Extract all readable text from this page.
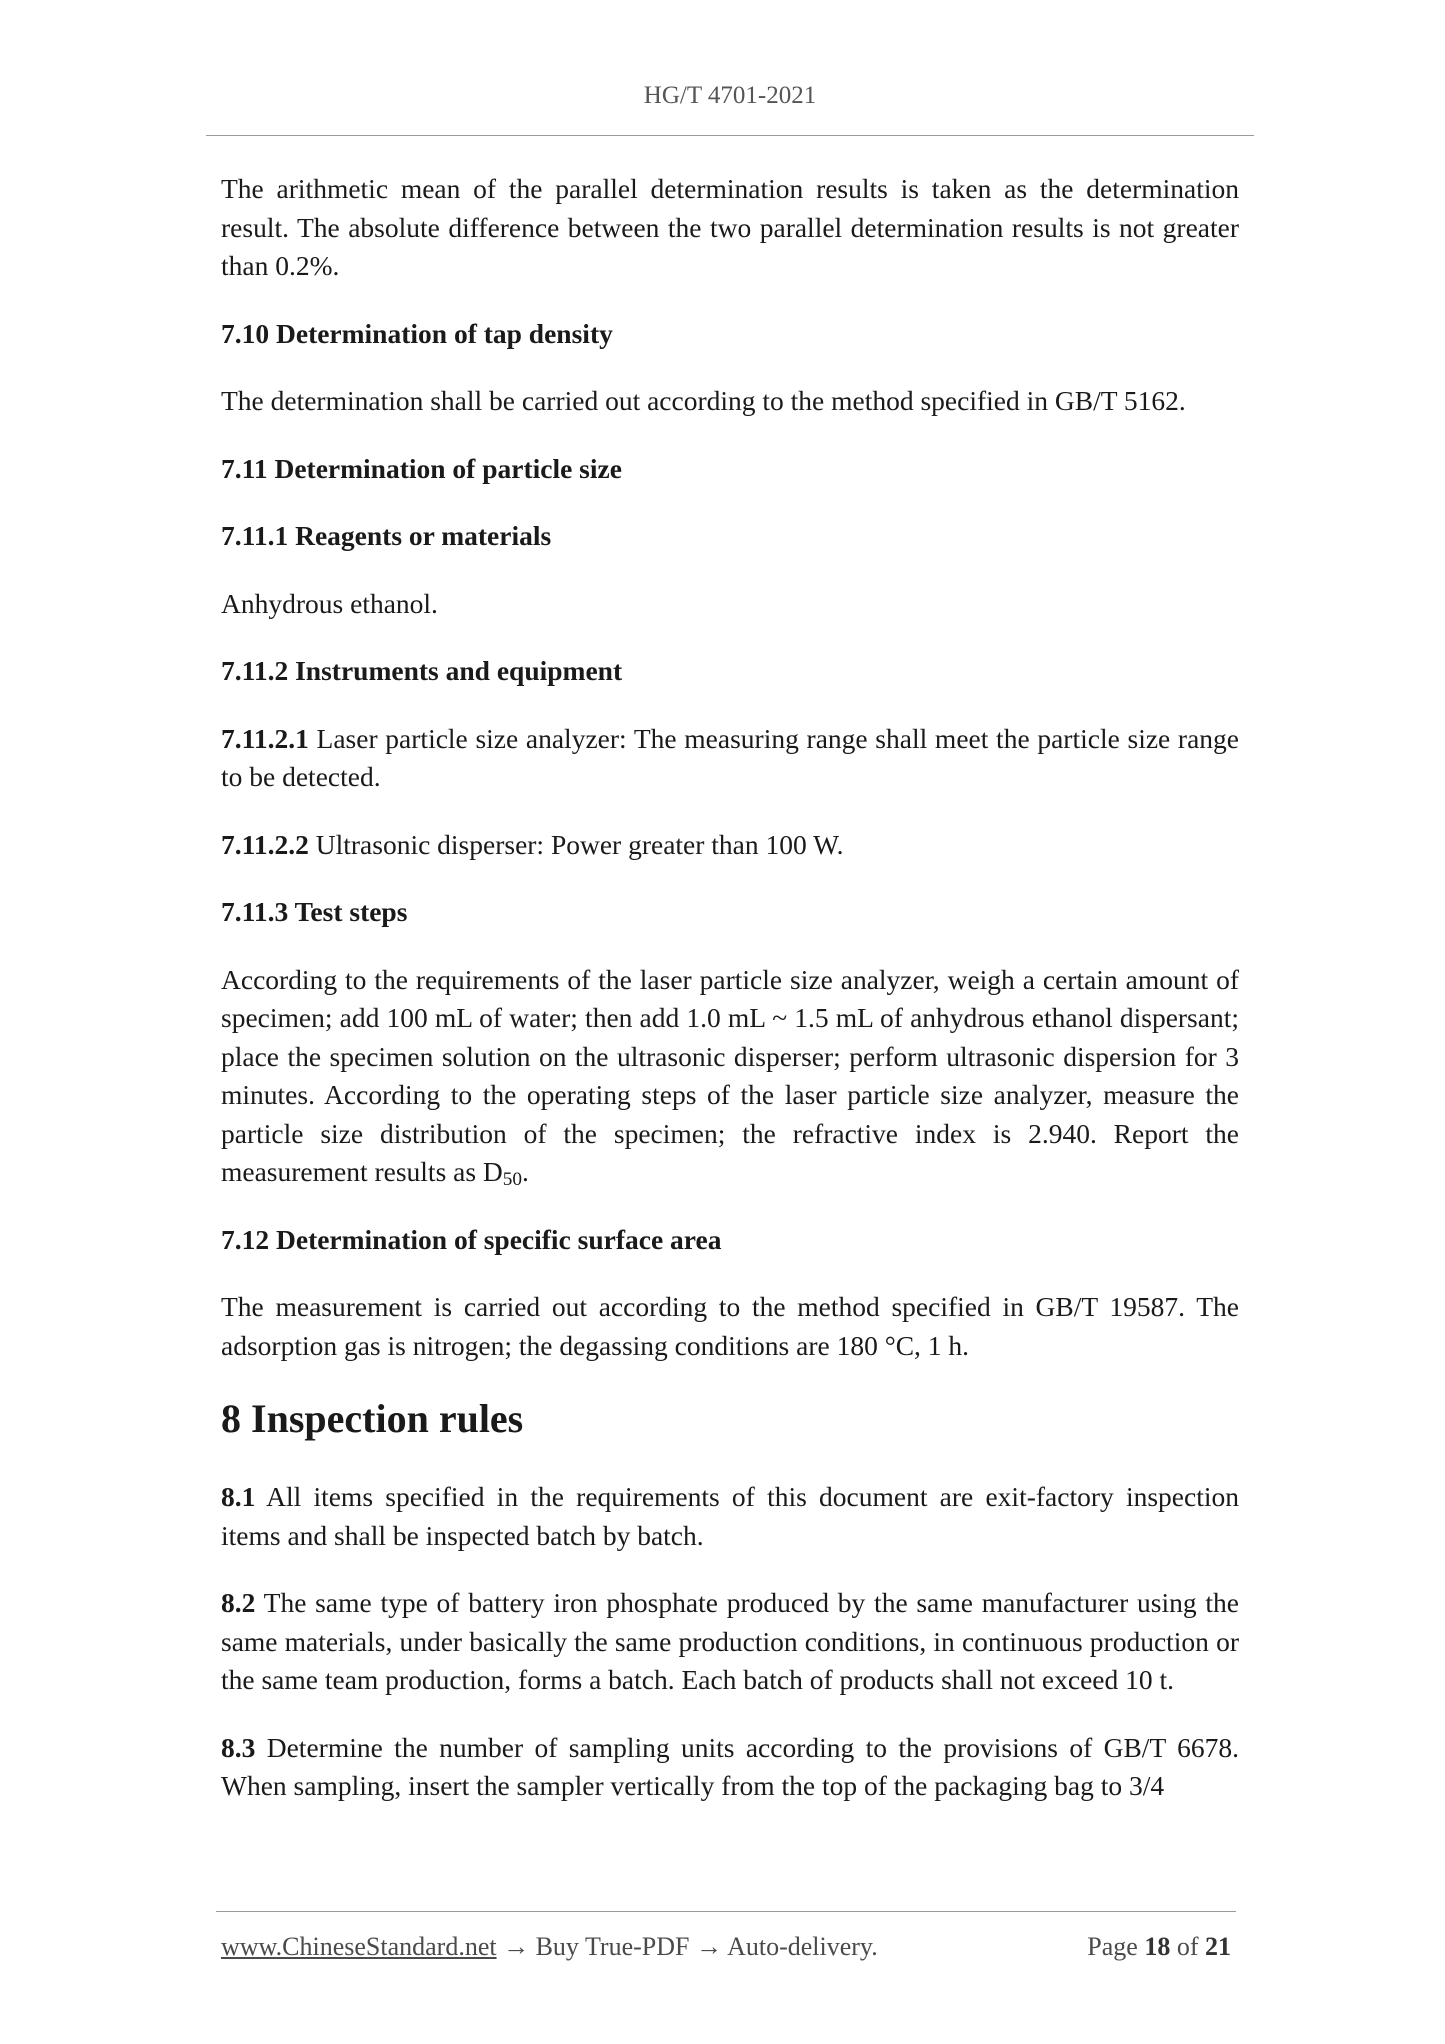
HG/T 4701-2021

The arithmetic mean of the parallel determination results is taken as the determination result. The absolute difference between the two parallel determination results is not greater than 0.2%.

7.10 Determination of tap density

The determination shall be carried out according to the method specified in GB/T 5162.

7.11 Determination of particle size

7.11.1 Reagents or materials

Anhydrous ethanol.

7.11.2 Instruments and equipment

7.11.2.1 Laser particle size analyzer: The measuring range shall meet the particle size range to be detected.

7.11.2.2 Ultrasonic disperser: Power greater than 100 W.

7.11.3 Test steps

According to the requirements of the laser particle size analyzer, weigh a certain amount of specimen; add 100 mL of water; then add 1.0 mL ~ 1.5 mL of anhydrous ethanol dispersant; place the specimen solution on the ultrasonic disperser; perform ultrasonic dispersion for 3 minutes. According to the operating steps of the laser particle size analyzer, measure the particle size distribution of the specimen; the refractive index is 2.940. Report the measurement results as $D_{50}$.

7.12 Determination of specific surface area

The measurement is carried out according to the method specified in GB/T 19587. The adsorption gas is nitrogen; the degassing conditions are 180 °C, 1 h.

8 Inspection rules

8.1 All items specified in the requirements of this document are exit-factory inspection items and shall be inspected batch by batch.

8.2 The same type of battery iron phosphate produced by the same manufacturer using the same materials, under basically the same production conditions, in continuous production or the same team production, forms a batch. Each batch of products shall not exceed 10 t.

8.3 Determine the number of sampling units according to the provisions of GB/T 6678. When sampling, insert the sampler vertically from the top of the packaging bag to 3/4

www.ChineseStandard.net → Buy True-PDF → Auto-delivery.	Page 18 of 21
